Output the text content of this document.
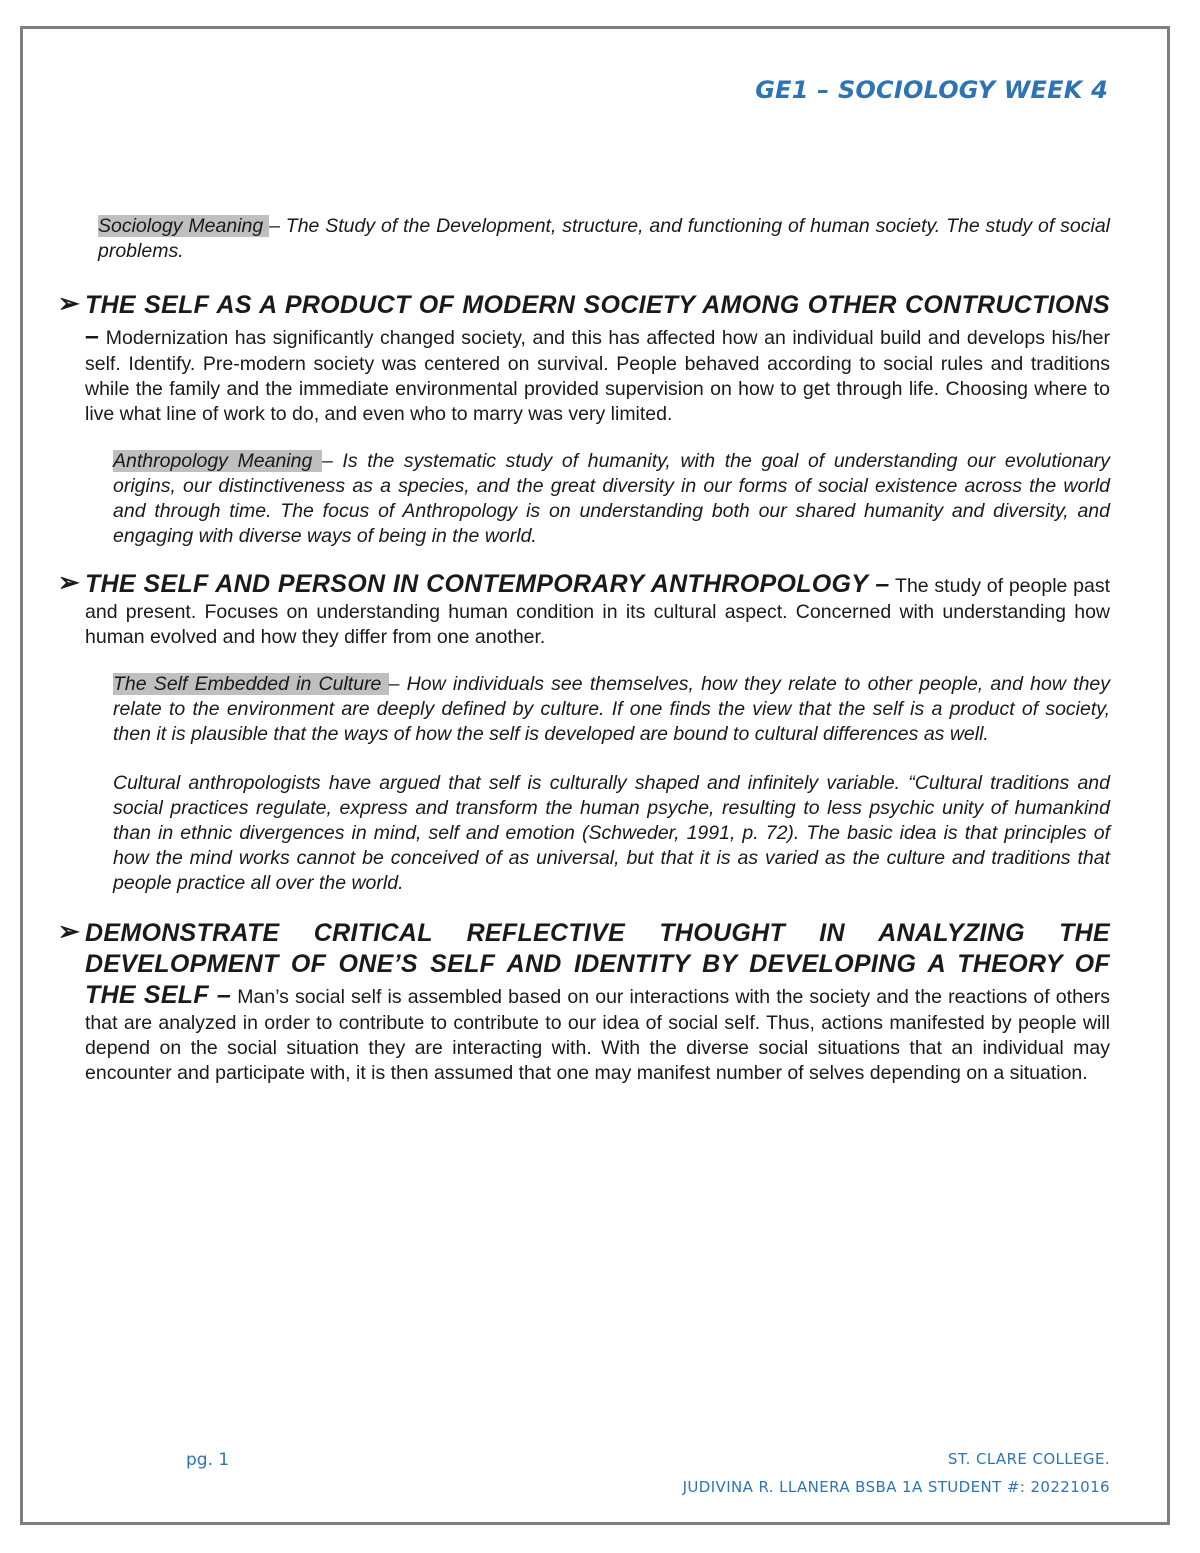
GE1 – SOCIOLOGY WEEK 4

Sociology Meaning – The Study of the Development, structure, and functioning of human society. The study of social problems.

➢ THE SELF AS A PRODUCT OF MODERN SOCIETY AMONG OTHER CONTRUCTIONS – Modernization has significantly changed society, and this has affected how an individual build and develops his/her self. Identify. Pre-modern society was centered on survival. People behaved according to social rules and traditions while the family and the immediate environmental provided supervision on how to get through life. Choosing where to live what line of work to do, and even who to marry was very limited.

Anthropology Meaning – Is the systematic study of humanity, with the goal of understanding our evolutionary origins, our distinctiveness as a species, and the great diversity in our forms of social existence across the world and through time. The focus of Anthropology is on understanding both our shared humanity and diversity, and engaging with diverse ways of being in the world.

➢ THE SELF AND PERSON IN CONTEMPORARY ANTHROPOLOGY – The study of people past and present. Focuses on understanding human condition in its cultural aspect. Concerned with understanding how human evolved and how they differ from one another.

The Self Embedded in Culture – How individuals see themselves, how they relate to other people, and how they relate to the environment are deeply defined by culture. If one finds the view that the self is a product of society, then it is plausible that the ways of how the self is developed are bound to cultural differences as well.

Cultural anthropologists have argued that self is culturally shaped and infinitely variable. “Cultural traditions and social practices regulate, express and transform the human psyche, resulting to less psychic unity of humankind than in ethnic divergences in mind, self and emotion (Schweder, 1991, p. 72). The basic idea is that principles of how the mind works cannot be conceived of as universal, but that it is as varied as the culture and traditions that people practice all over the world.

➢ DEMONSTRATE CRITICAL REFLECTIVE THOUGHT IN ANALYZING THE DEVELOPMENT OF ONE’S SELF AND IDENTITY BY DEVELOPING A THEORY OF THE SELF – Man’s social self is assembled based on our interactions with the society and the reactions of others that are analyzed in order to contribute to contribute to our idea of social self. Thus, actions manifested by people will depend on the social situation they are interacting with. With the diverse social situations that an individual may encounter and participate with, it is then assumed that one may manifest number of selves depending on a situation.
pg. 1	ST. CLARE COLLEGE.
JUDIVINA R. LLANERA BSBA 1A STUDENT #: 20221016
